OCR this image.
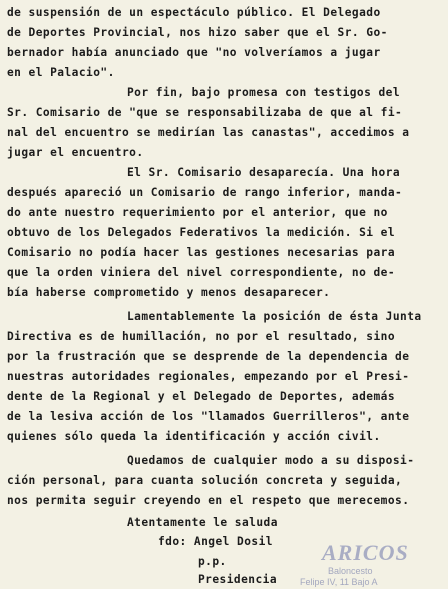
de suspensión de un espectáculo público. El Delegado
de Deportes Provincial, nos hizo saber que el Sr. Go-
bernador había anunciado que "no volveríamos a jugar
en el Palacio".
Por fin, bajo promesa con testigos del
Sr. Comisario de "que se responsabilizaba de que al fi-
nal del encuentro se medirían las canastas", accedimos a
jugar el encuentro.
El Sr. Comisario desaparecía. Una hora
después apareció un Comisario de rango inferior, manda-
do ante nuestro requerimiento por el anterior, que no
obtuvo de los Delegados Federativos la medición. Si el
Comisario no podía hacer las gestiones necesarias para
que la orden viniera del nivel correspondiente, no de-
bía haberse comprometido y menos desaparecer.
Lamentablemente la posición de ésta Junta
Directiva es de humillación, no por el resultado, sino
por la frustración que se desprende de la dependencia de
nuestras autoridades regionales, empezando por el Presi-
dente de la Regional y el Delegado de Deportes, además
de la lesiva acción de los "llamados Guerrilleros", ante
quienes sólo queda la identificación y acción civil.
Quedamos de cualquier modo a su disposi-
ción personal, para cuanta solución concreta y seguida,
nos permita seguir creyendo en el respeto que merecemos.
Atentamente le saluda
fdo: Angel Dosil
p.p.
Presidencia
ARICOS
Baloncesto
Felipe IV, 11 Bajo A
